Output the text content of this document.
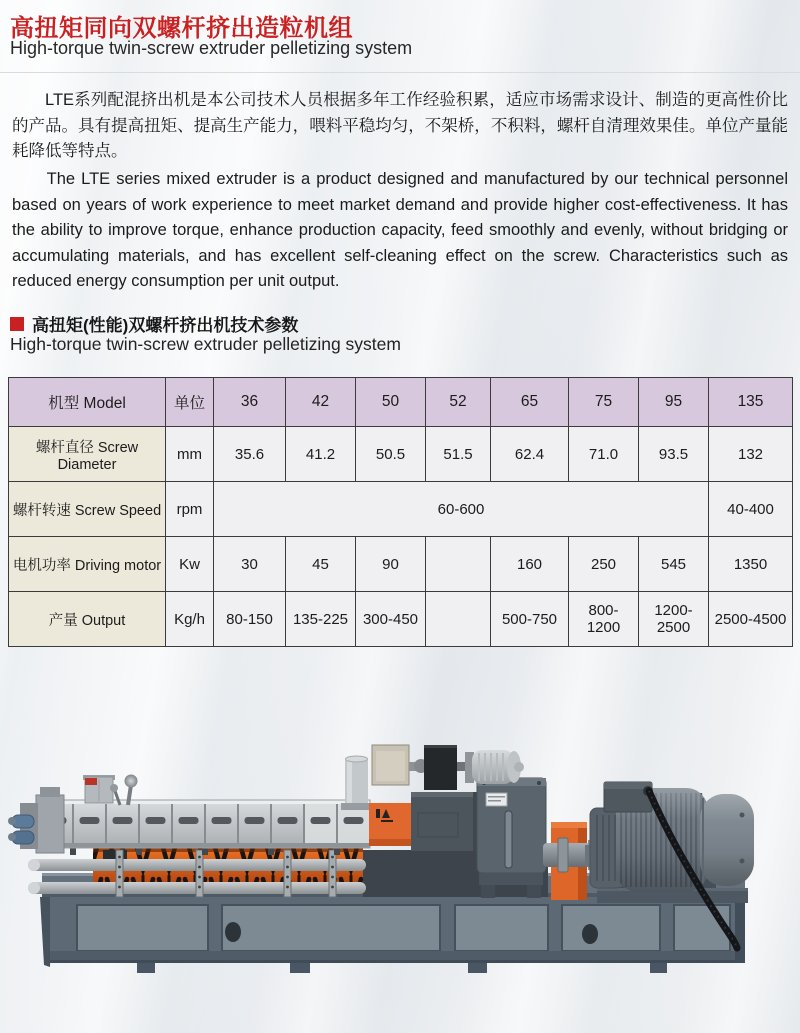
高扭矩同向双螺杆挤出造粒机组
High-torque twin-screw extruder pelletizing system

LTE系列配混挤出机是本公司技术人员根据多年工作经验积累，适应市场需求设计、制造的更高性价比的产品。具有提高扭矩、提高生产能力，喂料平稳均匀，不架桥，不积料，螺杆自清理效果佳。单位产量能耗降低等特点。

The LTE series mixed extruder is a product designed and manufactured by our technical personnel based on years of work experience to meet market demand and provide higher cost-effectiveness. It has the ability to improve torque, enhance production capacity, feed smoothly and evenly, without bridging or accumulating materials, and has excellent self-cleaning effect on the screw. Characteristics such as reduced energy consumption per unit output.

高扭矩(性能)双螺杆挤出机技术参数

High-torque twin-screw extruder pelletizing system

机型 Model	单位	36	42	50	52	65	75	95	135
螺杆直径 Screw Diameter	mm	35.6	41.2	50.5	51.5	62.4	71.0	93.5	132
螺杆转速 Screw Speed	rpm	60-600							40-400
电机功率 Driving motor	Kw	30	45	90		160	250	545	1350
产量 Output	Kg/h	80-150	135-225	300-450		500-750	800-1200	1200-2500	2500-4500
